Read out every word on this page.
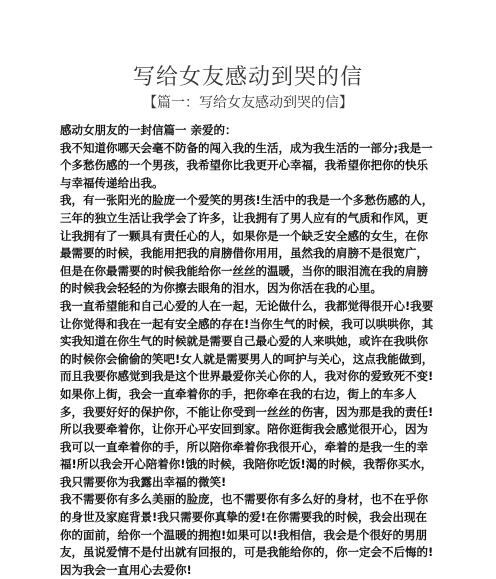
写给女友感动到哭的信
【篇一：写给女友感动到哭的信】

感动女朋友的一封信篇一 亲爱的：

我不知道你哪天会毫不防备的闯入我的生活，成为我生活的一部分;我是一个多愁伤感的一个男孩，我希望你比我更开心幸福，我希望你把你的快乐与幸福传递给出我。

我，有一张阳光的脸庞一个爱笑的男孩!生活中的我是一个多愁伤感的人，三年的独立生活让我学会了许多，让我拥有了男人应有的气质和作风，更让我拥有了一颗具有责任心的人，如果你是一个缺乏安全感的女生，在你最需要的时候，我能用把我的肩膀借你用用，虽然我的肩膀不是很宽广，但是在你最需要的时候我能给你一丝丝的温暖，当你的眼泪流在我的肩膀的时候我会轻轻的为你擦去眼角的泪水，因为你活在我的心里。

我一直希望能和自己心爱的人在一起，无论做什么，我都觉得很开心!我要让你觉得和我在一起有安全感的存在!当你生气的时候，我可以哄哄你，其实我知道在你生气的时候就是需要自己最心爱的人来哄她，或许在我哄你的时候你会偷偷的笑吧!女人就是需要男人的呵护与关心，这点我能做到，而且我要你感觉到我是这个世界最爱你关心你的人，我对你的爱致死不变!

如果你上街，我会一直牵着你的手，把你牵在我的右边，街上的车多人多，我要好好的保护你，不能让你受到一丝丝的伤害，因为那是我的责任!所以我要牵着你，让你开心平安回到家。陪你逛街我会感觉很开心，因为我可以一直牵着你的手，所以陪你牵着你我很开心，牵着的是我一生的幸福!所以我会开心陪着你!饿的时候，我陪你吃饭!渴的时候，我帮你买水，我只需要你为我露出幸福的微笑!

我不需要你有多么美丽的脸庞，也不需要你有多么好的身材，也不在乎你的身世及家庭背景!我只需要你真挚的爱!在你需要我的时候，我会出现在你的面前，给你一个温暖的拥抱!如果可以!我相信，我会是个很好的男朋友，虽说爱情不是付出就有回报的，可是我能给你的，你一定会不后悔的!因为我会一直用心去爱你!
